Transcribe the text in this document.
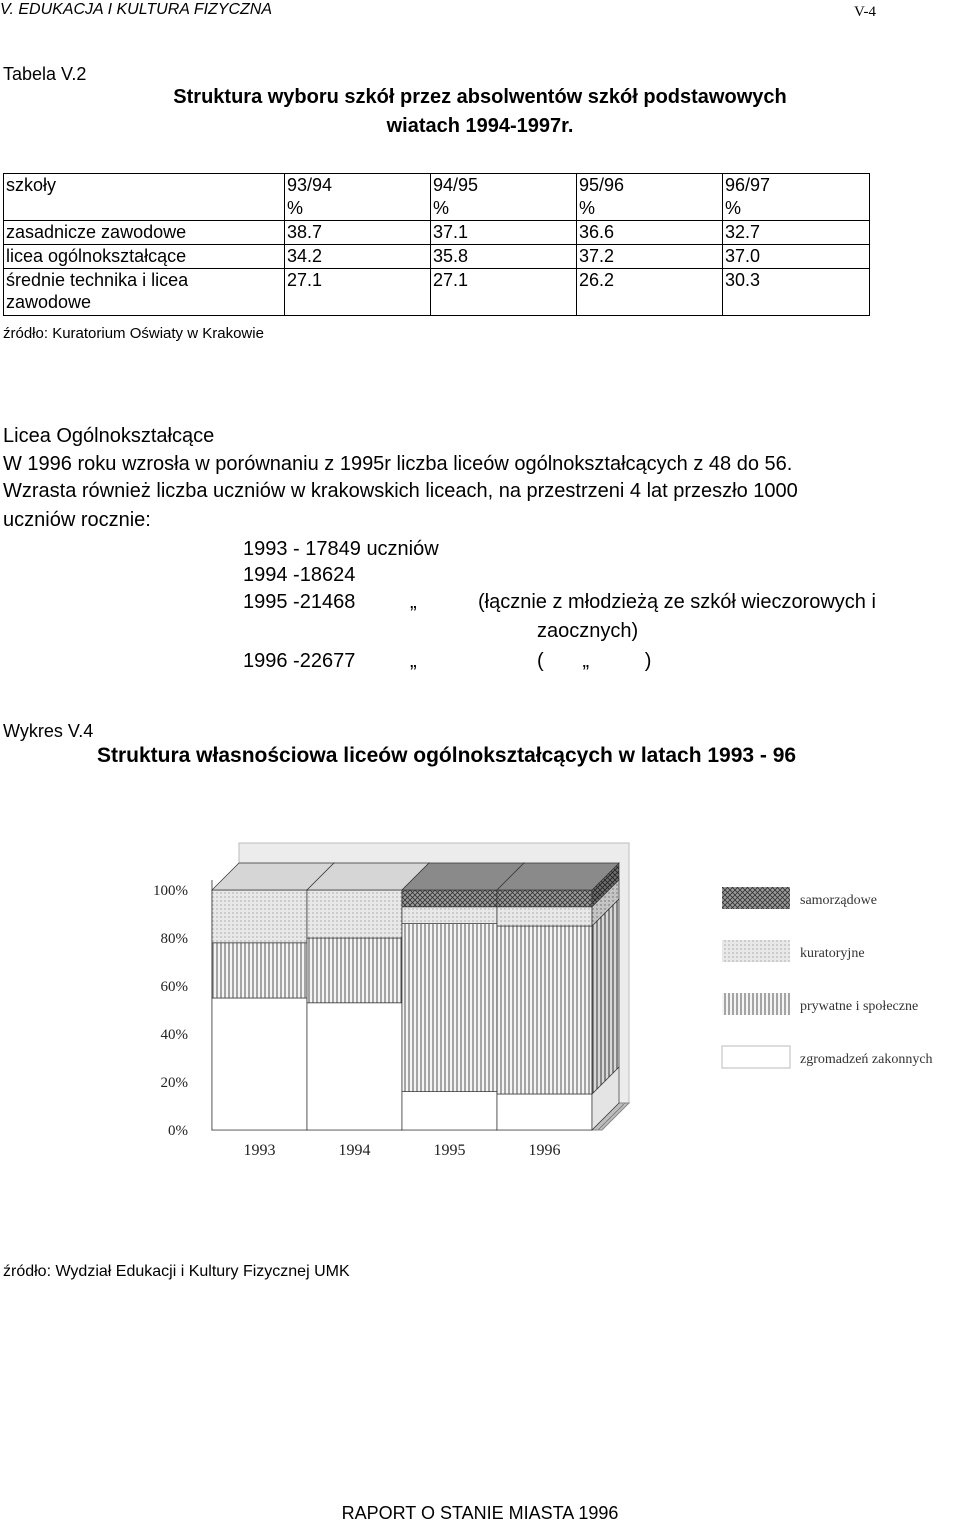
V. EDUKACJA I KULTURA FIZYCZNA	V-4
Tabela V.2
Struktura wyboru szkół przez absolwentów szkół podstawowych
wiatach 1994-1997r.
szkoły	93/94	94/95	95/96	96/97
	%	%	%	%
zasadnicze zawodowe	38.7	37.1	36.6	32.7
licea ogólnokształcące	34.2	35.8	37.2	37.0

średnie technika i licea
zawodowe	27.1	27.1	26.2	30.3
źródło: Kuratorium Oświaty w Krakowie
Licea Ogólnokształcące
W 1996 roku wzrosła w porównaniu z 1995r liczba liceów ogólnokształcących z 48 do 56.
Wzrasta również liczba uczniów w krakowskich liceach, na przestrzeni 4 lat przeszło 1000
uczniów rocznie:
1993 - 17849 uczniów
1994 -18624
1995 -21468	„	(łącznie z młodzieżą ze szkół wieczorowych i
zaocznych)
1996 -22677	„	(       „          )
Wykres V.4
Struktura własnościowa liceów ogólnokształcących w latach 1993 - 96
0%
20%
40%
60%
80%
100%
1993	1994	1995	1996
samorządowe
kuratoryjne
prywatne i społeczne
zgromadzeń zakonnych
źródło: Wydział Edukacji i Kultury Fizycznej UMK
RAPORT O STANIE MIASTA 1996
